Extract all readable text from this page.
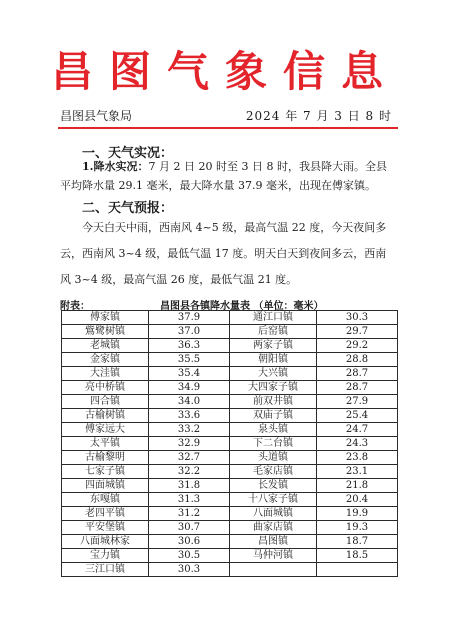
昌图气象信息
昌图县气象局	2024 年 7 月 3 日 8 时
一、天气实况：
1.降水实况：7 月 2 日 20 时至 3 日 8 时，我县降大雨。全县平均降水量 29.1 毫米，最大降水量 37.9 毫米，出现在傅家镇。
二、天气预报：
今天白天中雨，西南风 4~5 级，最高气温 22 度，今天夜间多云，西南风 3~4 级，最低气温 17 度。明天白天到夜间多云，西南风 3~4 级，最高气温 26 度，最低气温 21 度。
附表：	昌图县各镇降水量表 （单位：毫米）
傅家镇	37.9	通江口镇	30.3
鴜鹭树镇	37.0	后窑镇	29.7
老城镇	36.3	两家子镇	29.2
金家镇	35.5	朝阳镇	28.8
大洼镇	35.4	大兴镇	28.7
亮中桥镇	34.9	大四家子镇	28.7
四合镇	34.0	前双井镇	27.9
古榆树镇	33.6	双庙子镇	25.4
傅家远大	33.2	泉头镇	24.7
太平镇	32.9	下二台镇	24.3
古榆黎明	32.7	头道镇	23.8
七家子镇	32.2	毛家店镇	23.1
四面城镇	31.8	长发镇	21.8
东嘎镇	31.3	十八家子镇	20.4
老四平镇	31.2	八面城镇	19.9
平安堡镇	30.7	曲家店镇	19.3
八面城林家	30.6	昌图镇	18.7
宝力镇	30.5	马仲河镇	18.5
三江口镇	30.3		
